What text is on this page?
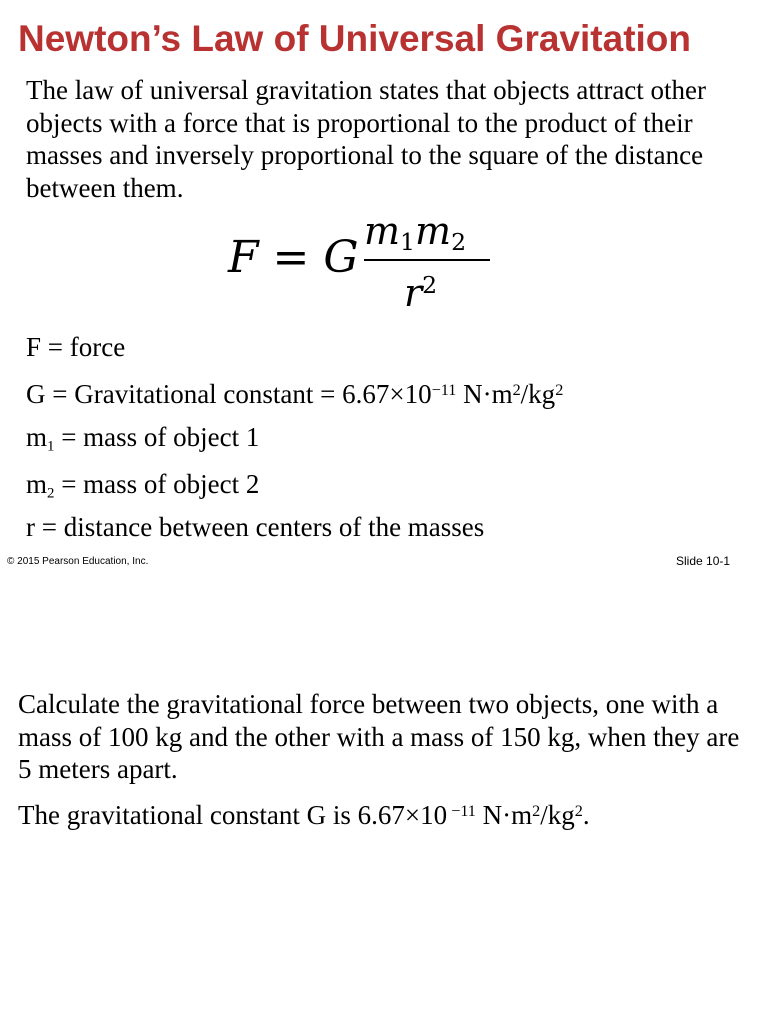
Newton’s Law of Universal Gravitation

The law of universal gravitation states that objects attract other objects with a force that is proportional to the product of their masses and inversely proportional to the square of the distance between them.

F = G
$m_1m_2$
$r^2$

F = force

G = Gravitational constant = $6.67\times 10^{-11}$ $N\cdot m^2/kg^2$

$m_1$ = mass of object 1

$m_2$ = mass of object 2

r = distance between centers of the masses

© 2015 Pearson Education, Inc.	Slide 10-1

Calculate the gravitational force between two objects, one with a mass of 100 kg and the other with a mass of 150 kg, when they are 5 meters apart.

The gravitational constant G is 6.67×10 $^{-11}$ $N\cdot m^2/kg^2$.
